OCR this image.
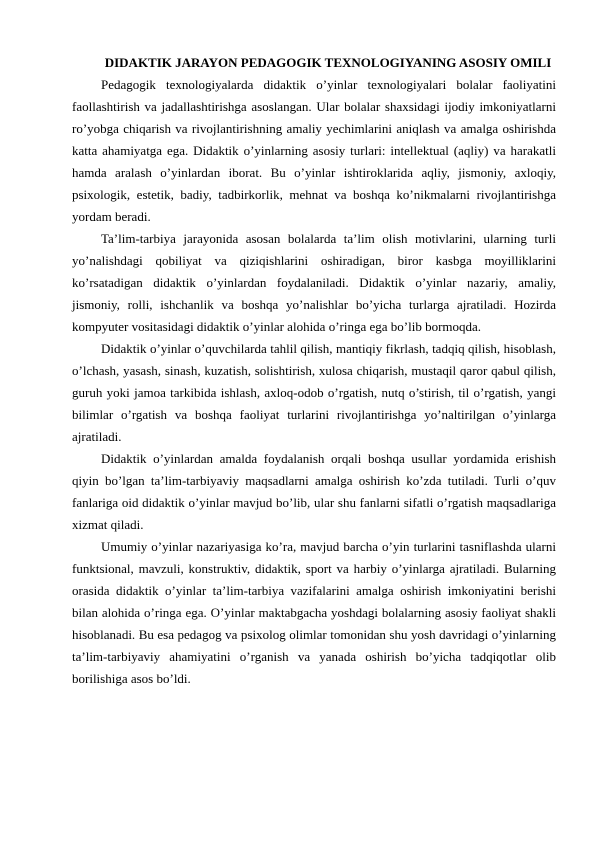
DIDAKTIK JARAYON PEDAGOGIK TEXNOLOGIYANING ASOSIY OMILI

Pedagogik texnologiyalarda didaktik o’yinlar texnologiyalari bolalar faoliyatini faollashtirish va jadallashtirishga asoslangan. Ular bolalar shaxsidagi ijodiy imkoniyatlarni ro’yobga chiqarish va rivojlantirishning amaliy yechimlarini aniqlash va amalga oshirishda katta ahamiyatga ega. Didaktik o’yinlarning asosiy turlari: intellektual (aqliy) va harakatli hamda aralash o’yinlardan iborat. Bu o’yinlar ishtiroklarida aqliy, jismoniy, axloqiy, psixologik, estetik, badiy, tadbirkorlik, mehnat va boshqa ko’nikmalarni rivojlantirishga yordam beradi.

Ta’lim-tarbiya jarayonida asosan bolalarda ta’lim olish motivlarini, ularning turli yo’nalishdagi qobiliyat va qiziqishlarini oshiradigan, biror kasbga moyilliklarini ko’rsatadigan didaktik o’yinlardan foydalaniladi. Didaktik o’yinlar nazariy, amaliy, jismoniy, rolli, ishchanlik va boshqa yo’nalishlar bo’yicha turlarga ajratiladi. Hozirda kompyuter vositasidagi didaktik o’yinlar alohida o’ringa ega bo’lib bormoqda.

Didaktik o’yinlar o’quvchilarda tahlil qilish, mantiqiy fikrlash, tadqiq qilish, hisoblash, o’lchash, yasash, sinash, kuzatish, solishtirish, xulosa chiqarish, mustaqil qaror qabul qilish, guruh yoki jamoa tarkibida ishlash, axloq-odob o’rgatish, nutq o’stirish, til o’rgatish, yangi bilimlar o’rgatish va boshqa faoliyat turlarini rivojlantirishga yo’naltirilgan o’yinlarga ajratiladi.

Didaktik o’yinlardan amalda foydalanish orqali boshqa usullar yordamida erishish qiyin bo’lgan ta’lim-tarbiyaviy maqsadlarni amalga oshirish ko’zda tutiladi. Turli o’quv fanlariga oid didaktik o’yinlar mavjud bo’lib, ular shu fanlarni sifatli o’rgatish maqsadlariga xizmat qiladi.

Umumiy o’yinlar nazariyasiga ko’ra, mavjud barcha o’yin turlarini tasniflashda ularni funktsional, mavzuli, konstruktiv, didaktik, sport va harbiy o’yinlarga ajratiladi. Bularning orasida didaktik o’yinlar ta’lim-tarbiya vazifalarini amalga oshirish imkoniyatini berishi bilan alohida o’ringa ega. O’yinlar maktabgacha yoshdagi bolalarning asosiy faoliyat shakli hisoblanadi. Bu esa pedagog va psixolog olimlar tomonidan shu yosh davridagi o’yinlarning ta’lim-tarbiyaviy ahamiyatini o’rganish va yanada oshirish bo’yicha tadqiqotlar olib borilishiga asos bo’ldi.
